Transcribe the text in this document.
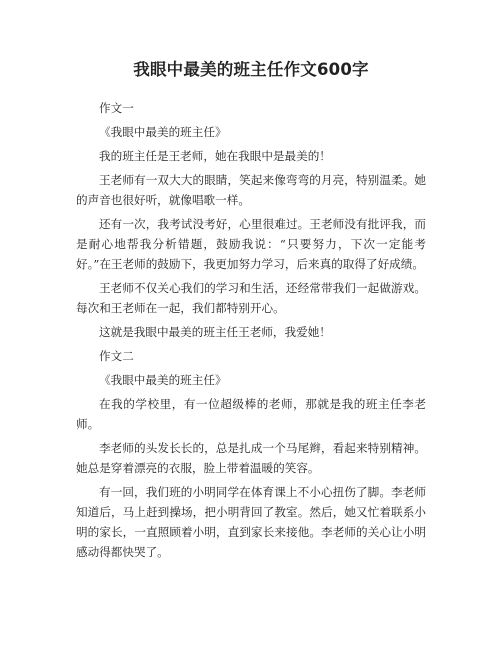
我眼中最美的班主任作文600字

作文一

《我眼中最美的班主任》

我的班主任是王老师，她在我眼中是最美的！

王老师有一双大大的眼睛，笑起来像弯弯的月亮，特别温柔。她的声音也很好听，就像唱歌一样。

还有一次，我考试没考好，心里很难过。王老师没有批评我，而是耐心地帮我分析错题，鼓励我说：“只要努力，下次一定能考好。”在王老师的鼓励下，我更加努力学习，后来真的取得了好成绩。

王老师不仅关心我们的学习和生活，还经常带我们一起做游戏。每次和王老师在一起，我们都特别开心。

这就是我眼中最美的班主任王老师，我爱她！

作文二

《我眼中最美的班主任》

在我的学校里，有一位超级棒的老师，那就是我的班主任李老师。

李老师的头发长长的，总是扎成一个马尾辫，看起来特别精神。她总是穿着漂亮的衣服，脸上带着温暖的笑容。

有一回，我们班的小明同学在体育课上不小心扭伤了脚。李老师知道后，马上赶到操场，把小明背回了教室。然后，她又忙着联系小明的家长，一直照顾着小明，直到家长来接他。李老师的关心让小明感动得都快哭了。
